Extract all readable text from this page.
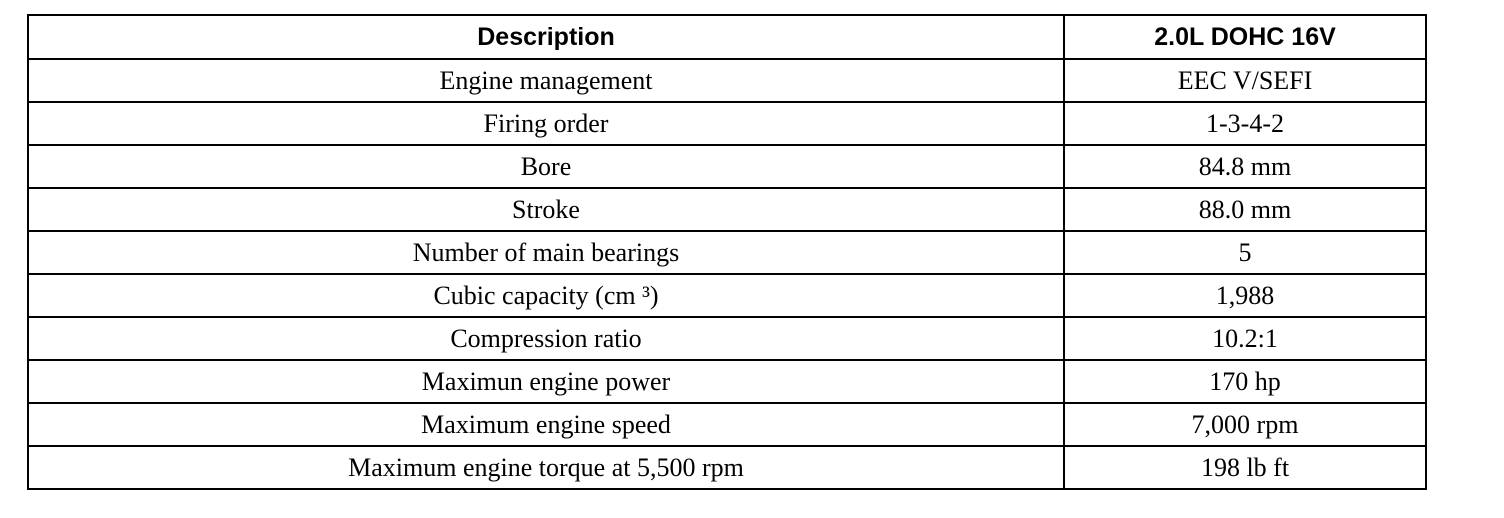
Description	2.0L DOHC 16V
Engine management	EEC V/SEFI
Firing order	1-3-4-2
Bore	84.8 mm
Stroke	88.0 mm
Number of main bearings	5
Cubic capacity (cm ³)	1,988
Compression ratio	10.2:1
Maximun engine power	170 hp
Maximum engine speed	7,000 rpm
Maximum engine torque at 5,500 rpm	198 lb ft
